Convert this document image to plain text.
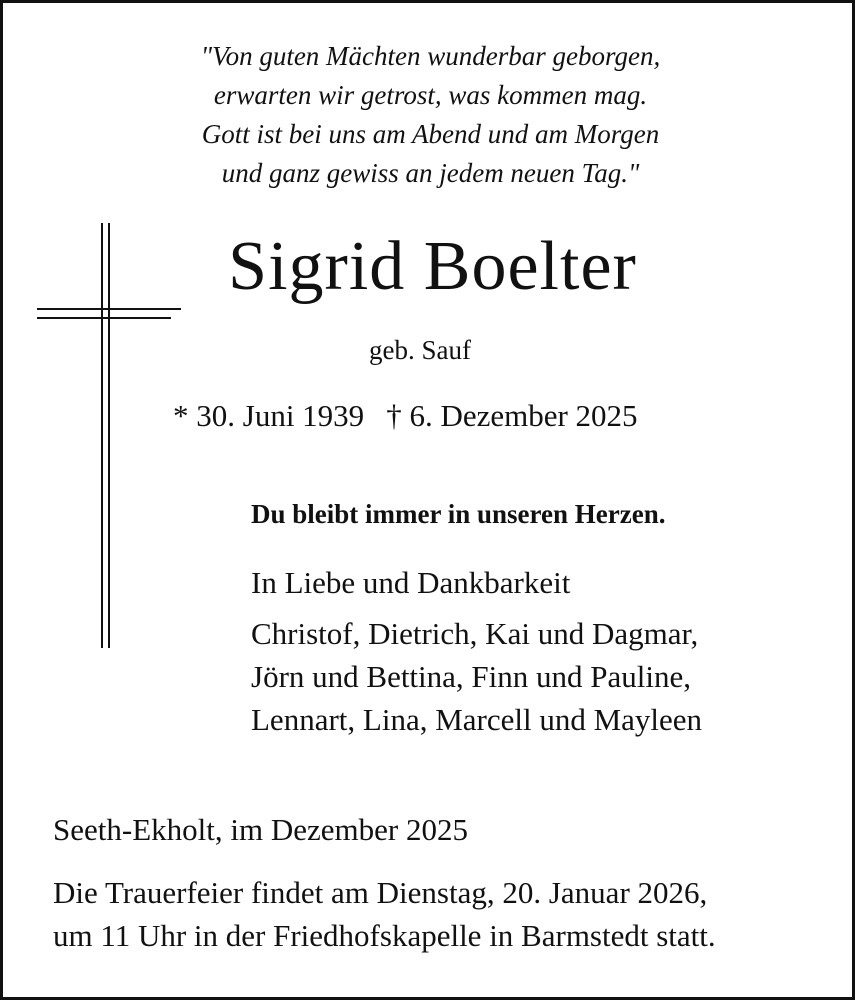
"Von guten Mächten wunderbar geborgen,
erwarten wir getrost, was kommen mag.
Gott ist bei uns am Abend und am Morgen
und ganz gewiss an jedem neuen Tag."
Sigrid Boelter
geb. Sauf
* 30. Juni 1939 † 6. Dezember 2025
Du bleibt immer in unseren Herzen.
In Liebe und Dankbarkeit
Christof, Dietrich, Kai und Dagmar,
Jörn und Bettina, Finn und Pauline,
Lennart, Lina, Marcell und Mayleen
Seeth-Ekholt, im Dezember 2025
Die Trauerfeier findet am Dienstag, 20. Januar 2026,
um 11 Uhr in der Friedhofskapelle in Barmstedt statt.
